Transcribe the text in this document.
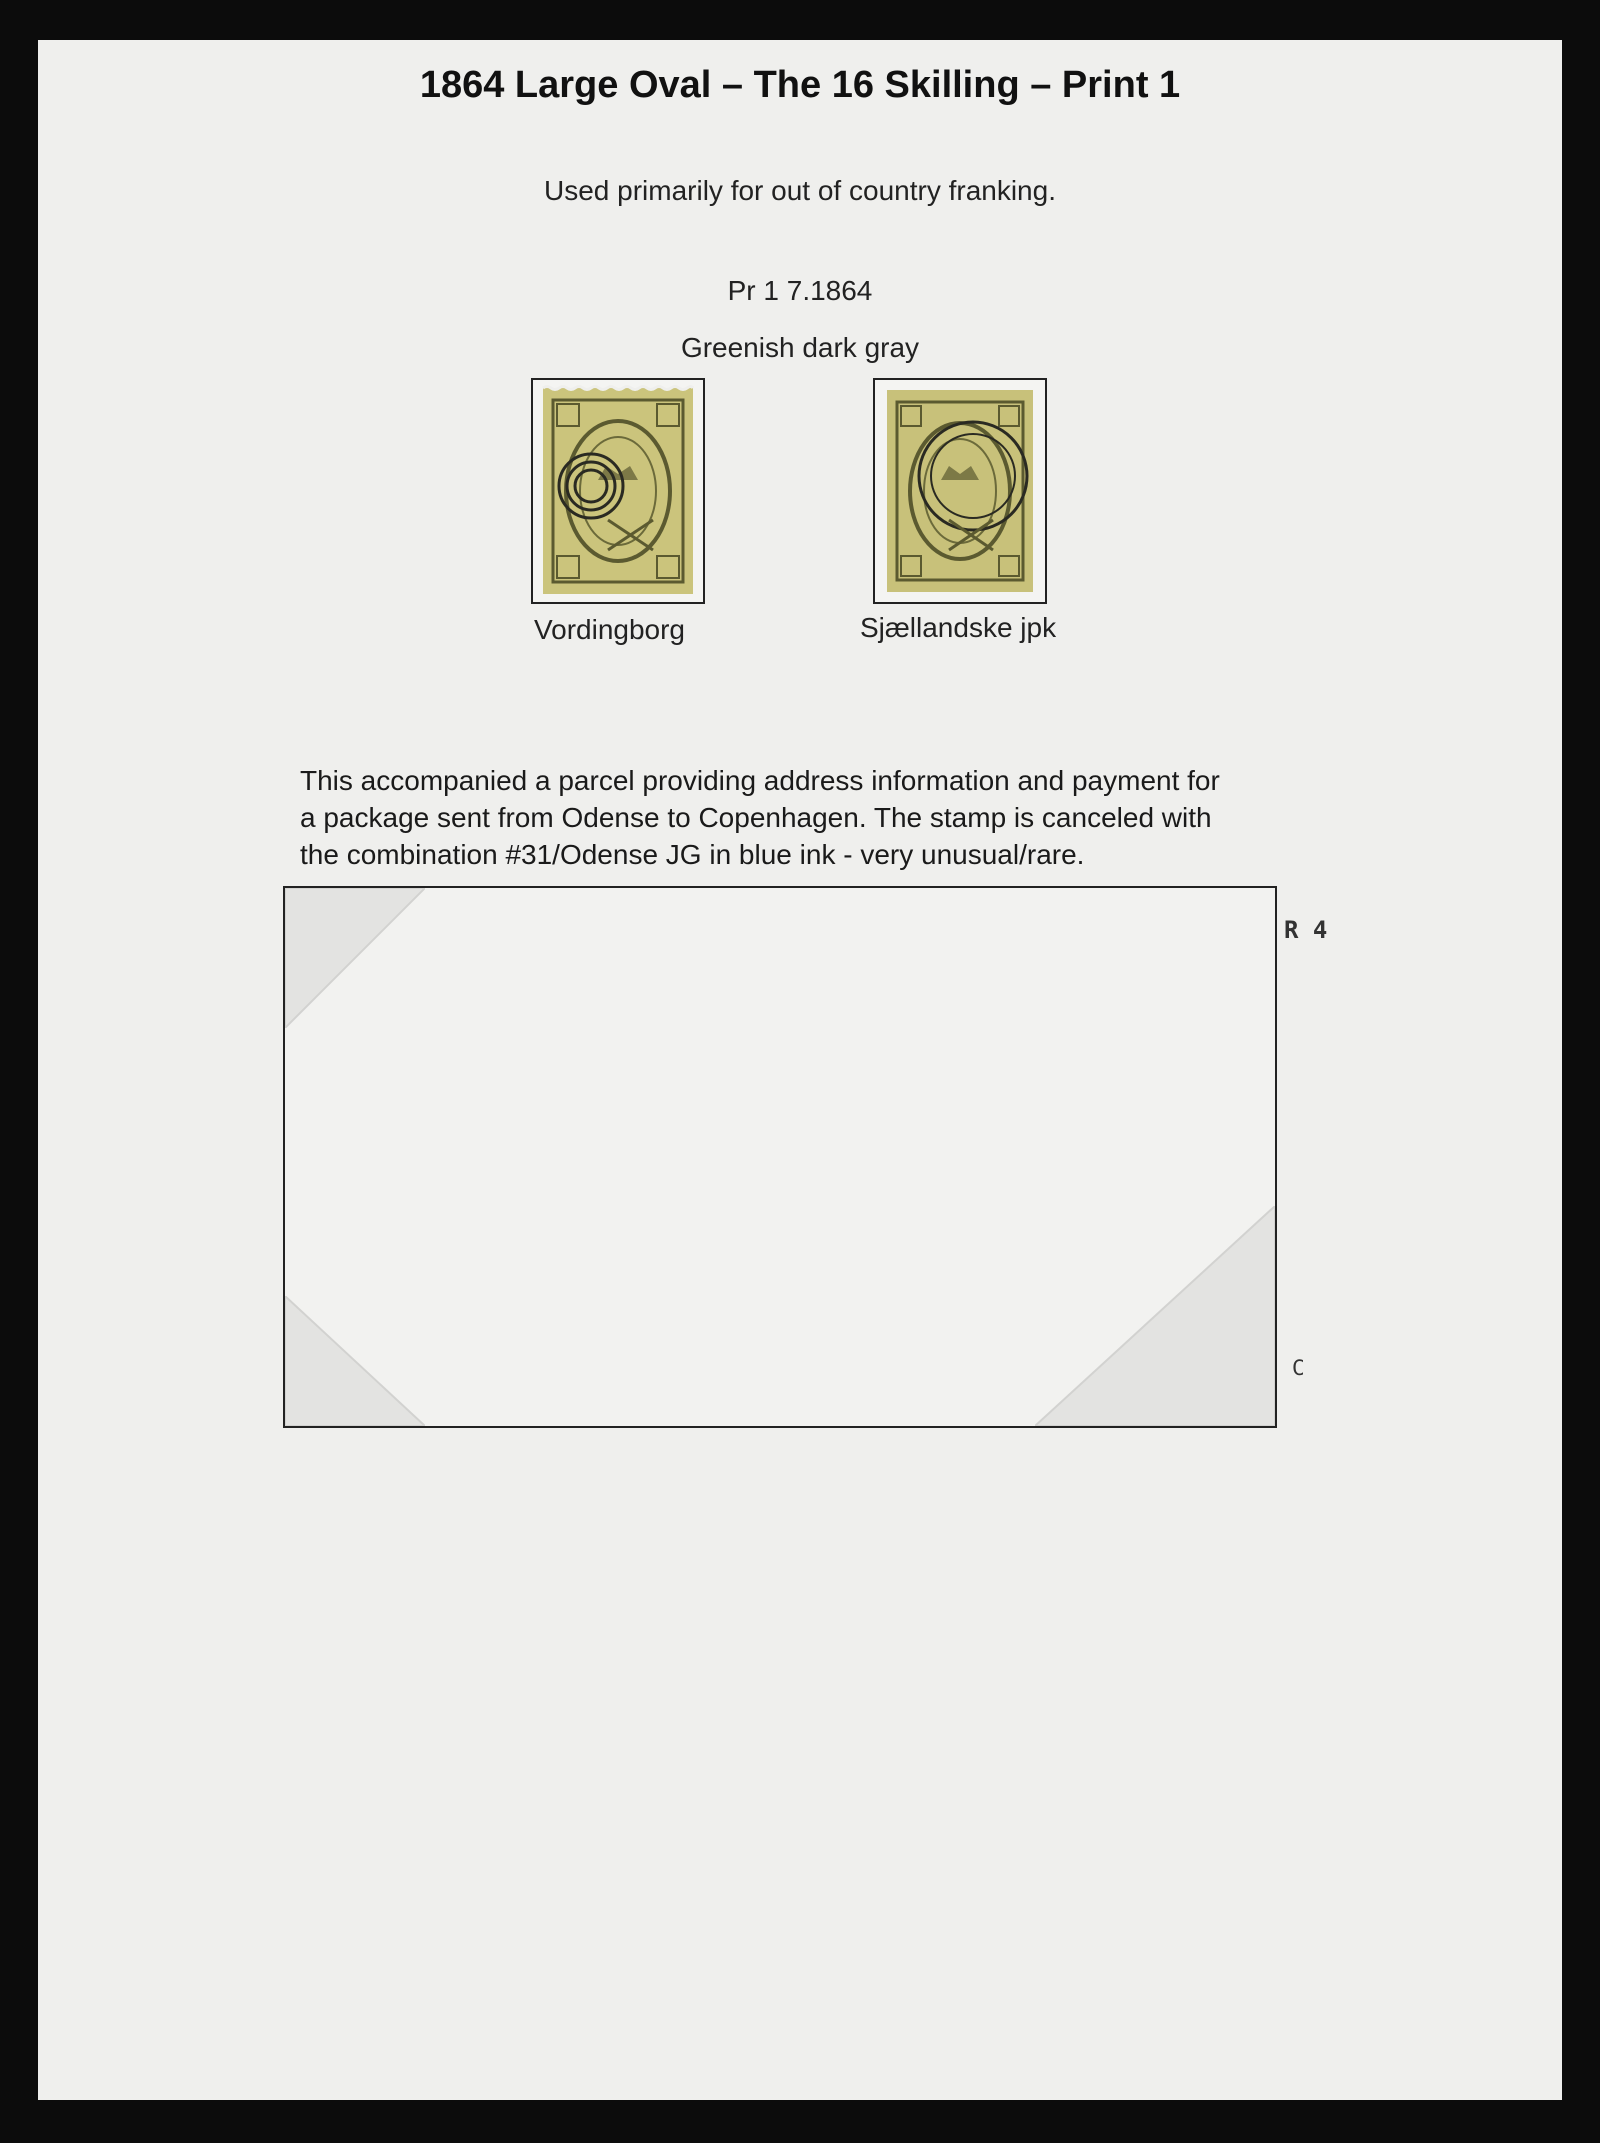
1864 Large Oval – The 16 Skilling – Print 1
Used primarily for out of country franking.
Pr 1 7.1864
Greenish dark gray
Vordingborg	Sjællandske jpk

This accompanied a parcel providing address information and payment for

a package sent from Odense to Copenhagen. The stamp is canceled with

the combination #31/Odense JG in blue ink - very unusual/rare.

R 4
C
